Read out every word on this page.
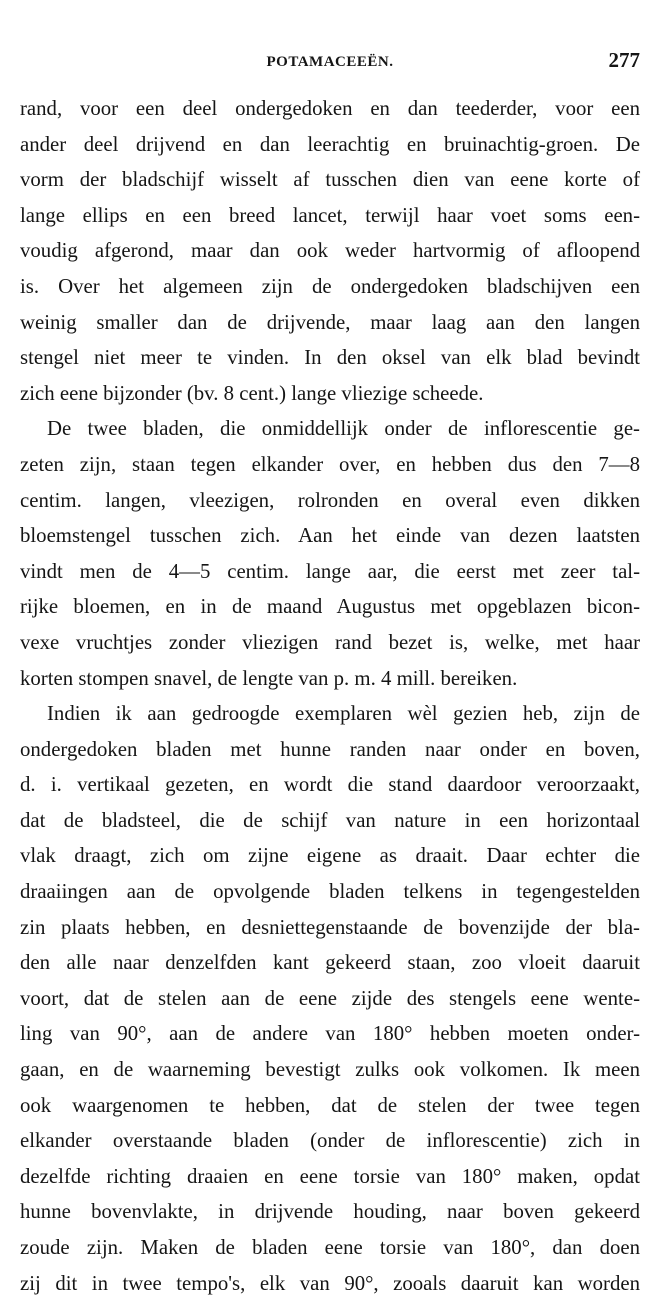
POTAMACEEËN.	277
rand, voor een deel ondergedoken en dan teederder, voor een
ander deel drijvend en dan leerachtig en bruinachtig-groen. De
vorm der bladschijf wisselt af tusschen dien van eene korte of
lange ellips en een breed lancet, terwijl haar voet soms een-
voudig afgerond, maar dan ook weder hartvormig of afloopend
is. Over het algemeen zijn de ondergedoken bladschijven een
weinig smaller dan de drijvende, maar laag aan den langen
stengel niet meer te vinden. In den oksel van elk blad bevindt
zich eene bijzonder (bv. 8 cent.) lange vliezige scheede.
De twee bladen, die onmiddellijk onder de inflorescentie ge-
zeten zijn, staan tegen elkander over, en hebben dus den 7—8
centim. langen, vleezigen, rolronden en overal even dikken
bloemstengel tusschen zich. Aan het einde van dezen laatsten
vindt men de 4—5 centim. lange aar, die eerst met zeer tal-
rijke bloemen, en in de maand Augustus met opgeblazen bicon-
vexe vruchtjes zonder vliezigen rand bezet is, welke, met haar
korten stompen snavel, de lengte van p. m. 4 mill. bereiken.
Indien ik aan gedroogde exemplaren wèl gezien heb, zijn de
ondergedoken bladen met hunne randen naar onder en boven,
d. i. vertikaal gezeten, en wordt die stand daardoor veroorzaakt,
dat de bladsteel, die de schijf van nature in een horizontaal
vlak draagt, zich om zijne eigene as draait. Daar echter die
draaiingen aan de opvolgende bladen telkens in tegengestelden
zin plaats hebben, en desniettegenstaande de bovenzijde der bla-
den alle naar denzelfden kant gekeerd staan, zoo vloeit daaruit
voort, dat de stelen aan de eene zijde des stengels eene wente-
ling van 90°, aan de andere van 180° hebben moeten onder-
gaan, en de waarneming bevestigt zulks ook volkomen. Ik meen
ook waargenomen te hebben, dat de stelen der twee tegen
elkander overstaande bladen (onder de inflorescentie) zich in
dezelfde richting draaien en eene torsie van 180° maken, opdat
hunne bovenvlakte, in drijvende houding, naar boven gekeerd
zoude zijn. Maken de bladen eene torsie van 180°, dan doen
zij dit in twee tempo's, elk van 90°, zooals daaruit kan worden
